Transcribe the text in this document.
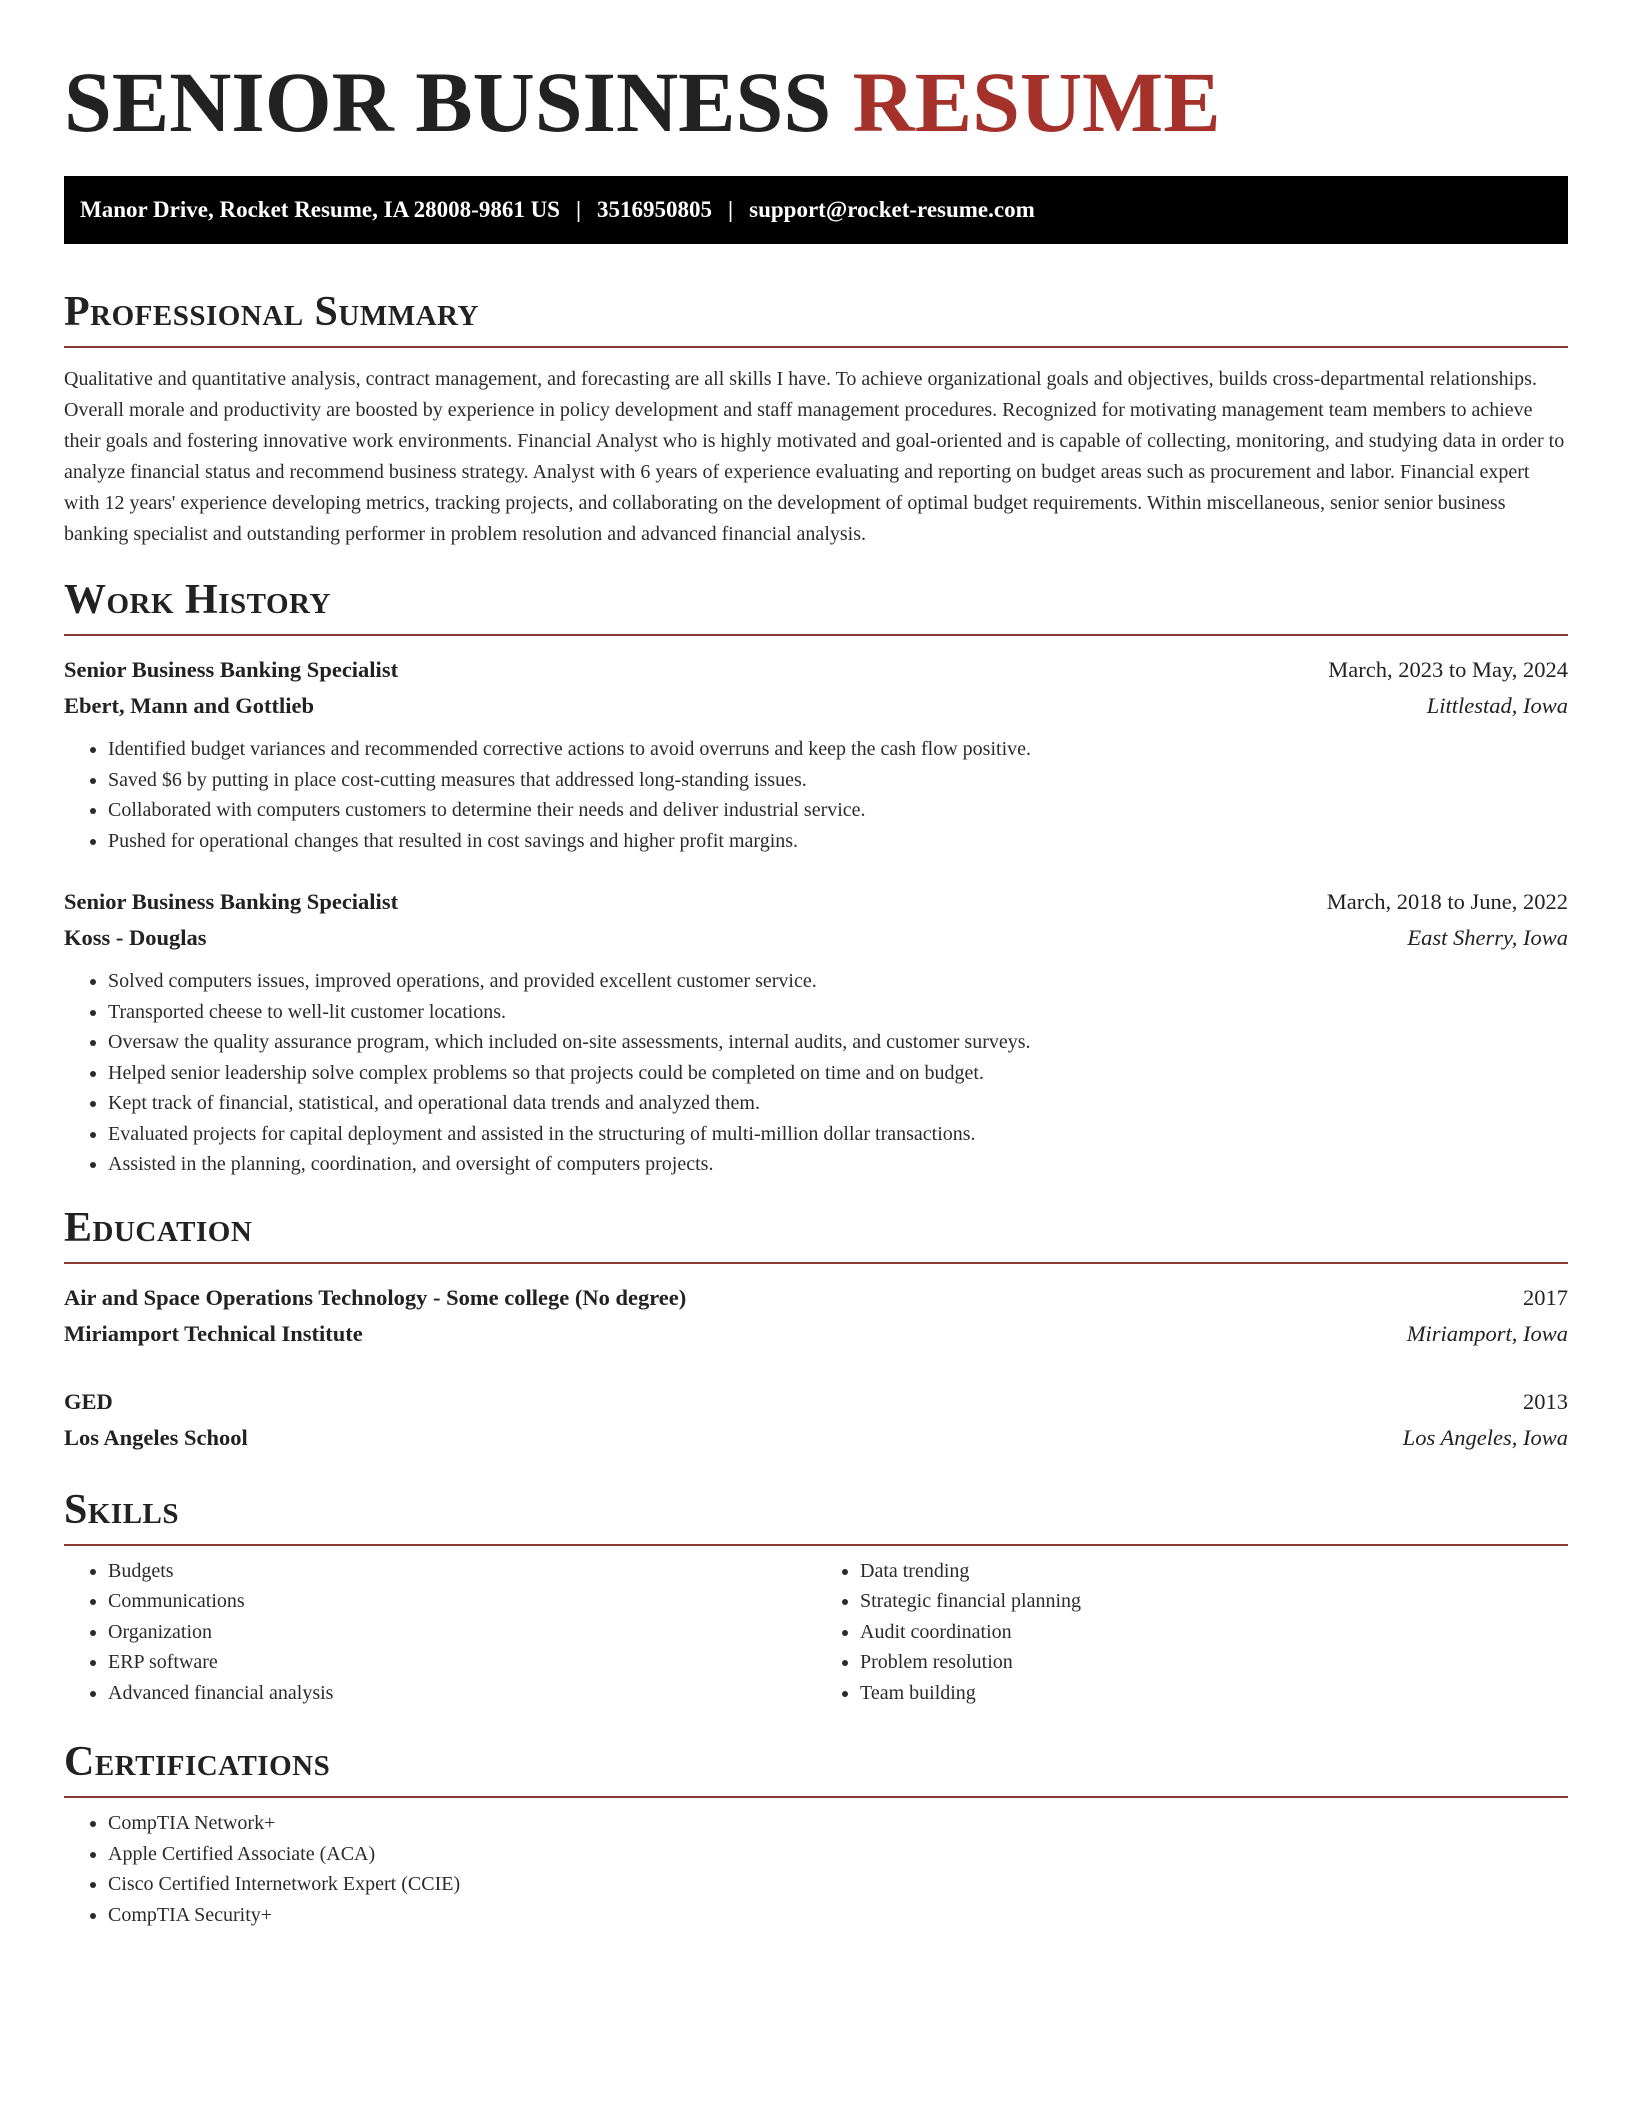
SENIOR BUSINESS RESUME
Manor Drive, Rocket Resume, IA 28008-9861 US | 3516950805 | support@rocket-resume.com
Professional Summary

Qualitative and quantitative analysis, contract management, and forecasting are all skills I have. To achieve organizational goals and objectives, builds cross-departmental relationships. Overall morale and productivity are boosted by experience in policy development and staff management procedures. Recognized for motivating management team members to achieve their goals and fostering innovative work environments. Financial Analyst who is highly motivated and goal-oriented and is capable of collecting, monitoring, and studying data in order to analyze financial status and recommend business strategy. Analyst with 6 years of experience evaluating and reporting on budget areas such as procurement and labor. Financial expert with 12 years' experience developing metrics, tracking projects, and collaborating on the development of optimal budget requirements. Within miscellaneous, senior senior business banking specialist and outstanding performer in problem resolution and advanced financial analysis.

Work History
Senior Business Banking Specialist	March, 2023 to May, 2024
Ebert, Mann and Gottlieb	Littlestad, Iowa
• Identified budget variances and recommended corrective actions to avoid overruns and keep the cash flow positive.
• Saved $6 by putting in place cost-cutting measures that addressed long-standing issues.
• Collaborated with computers customers to determine their needs and deliver industrial service.
• Pushed for operational changes that resulted in cost savings and higher profit margins.
Senior Business Banking Specialist	March, 2018 to June, 2022
Koss - Douglas	East Sherry, Iowa
• Solved computers issues, improved operations, and provided excellent customer service.
• Transported cheese to well-lit customer locations.
• Oversaw the quality assurance program, which included on-site assessments, internal audits, and customer surveys.
• Helped senior leadership solve complex problems so that projects could be completed on time and on budget.
• Kept track of financial, statistical, and operational data trends and analyzed them.
• Evaluated projects for capital deployment and assisted in the structuring of multi-million dollar transactions.
• Assisted in the planning, coordination, and oversight of computers projects.
Education
Air and Space Operations Technology - Some college (No degree)	2017
Miriamport Technical Institute	Miriamport, Iowa
GED	2013
Los Angeles School	Los Angeles, Iowa
Skills
• Budgets
• Communications
• Organization
• ERP software
• Advanced financial analysis
• Data trending
• Strategic financial planning
• Audit coordination
• Problem resolution
• Team building
Certifications
• CompTIA Network+
• Apple Certified Associate (ACA)
• Cisco Certified Internetwork Expert (CCIE)
• CompTIA Security+
